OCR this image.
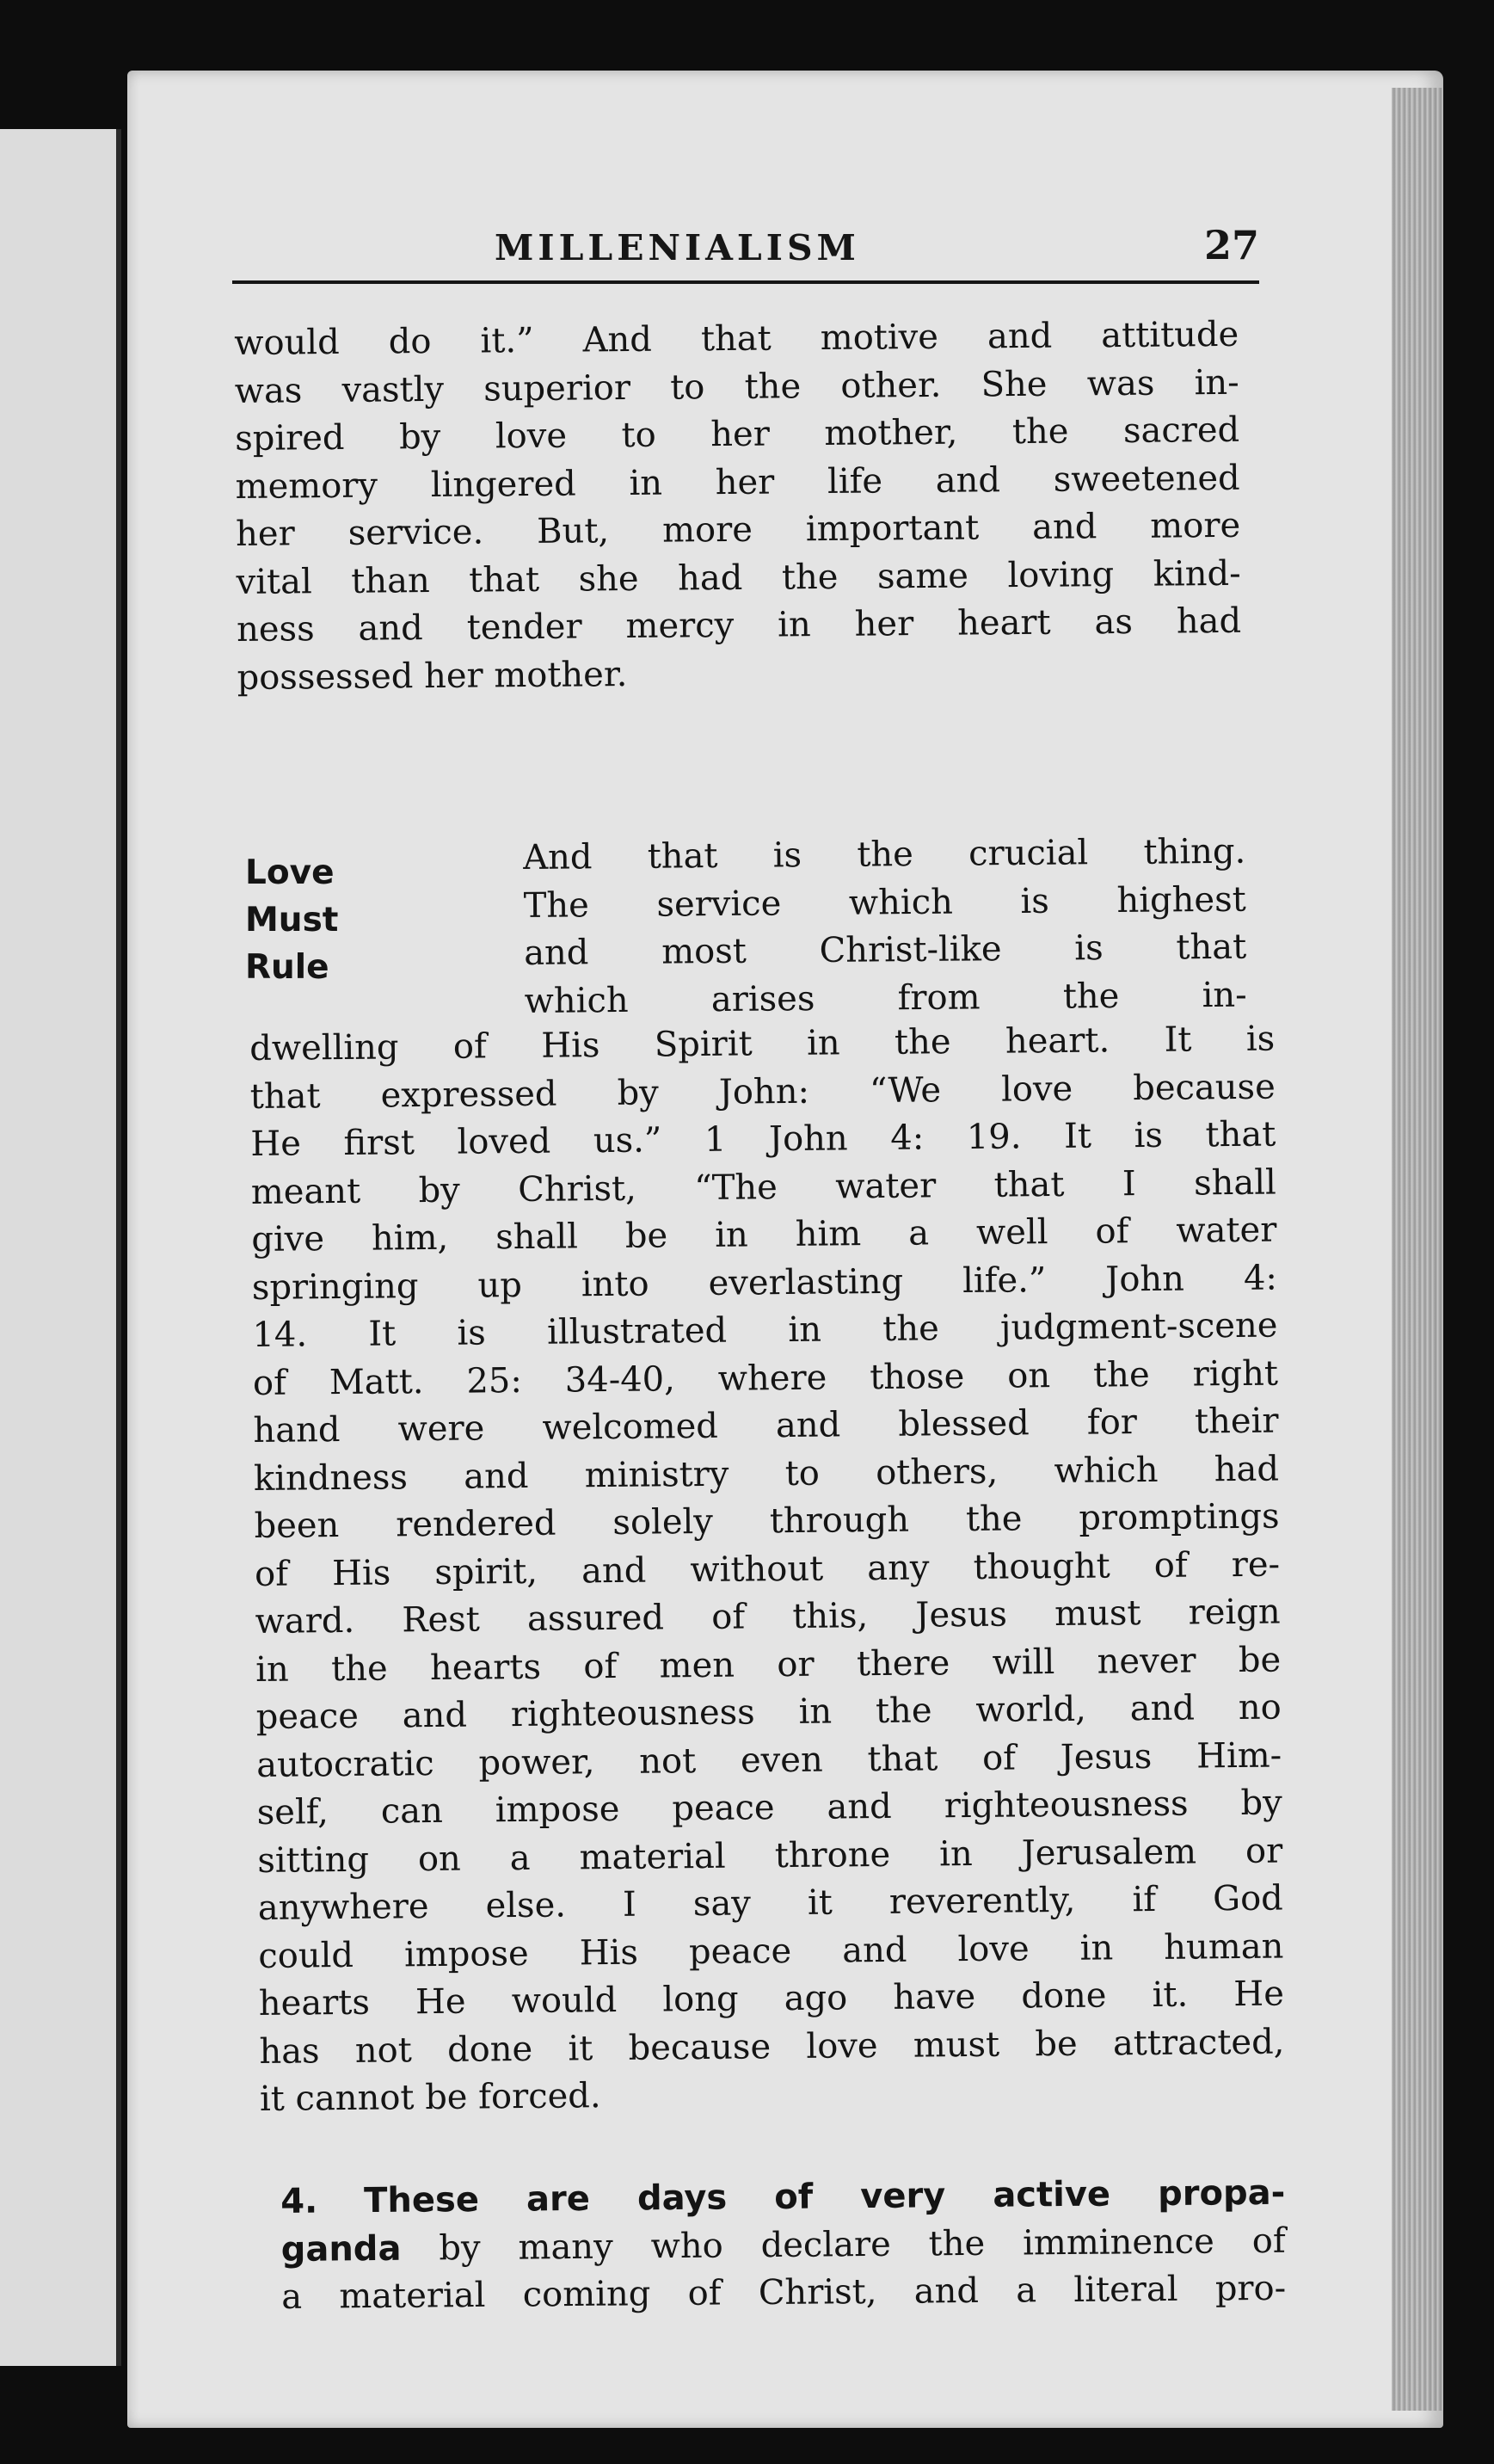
MILLENIALISM	27
would do it.” And that motive and attitude
was vastly superior to the other. She was in-
spired by love to her mother, the sacred
memory lingered in her life and sweetened
her service. But, more important and more
vital than that she had the same loving kind-
ness and tender mercy in her heart as had
possessed her mother.
Love
Must
Rule
And that is the crucial thing.
The service which is highest
and most Christ-like is that
which arises from the in-
dwelling of His Spirit in the heart. It is
that expressed by John: “We love because
He first loved us.” 1 John 4: 19. It is that
meant by Christ, “The water that I shall
give him, shall be in him a well of water
springing up into everlasting life.” John 4:
14. It is illustrated in the judgment-scene
of Matt. 25: 34-40, where those on the right
hand were welcomed and blessed for their
kindness and ministry to others, which had
been rendered solely through the promptings
of His spirit, and without any thought of re-
ward. Rest assured of this, Jesus must reign
in the hearts of men or there will never be
peace and righteousness in the world, and no
autocratic power, not even that of Jesus Him-
self, can impose peace and righteousness by
sitting on a material throne in Jerusalem or
anywhere else. I say it reverently, if God
could impose His peace and love in human
hearts He would long ago have done it. He
has not done it because love must be attracted,
it cannot be forced.
4. These are days of very active propa-
ganda by many who declare the imminence of
a material coming of Christ, and a literal pro-
